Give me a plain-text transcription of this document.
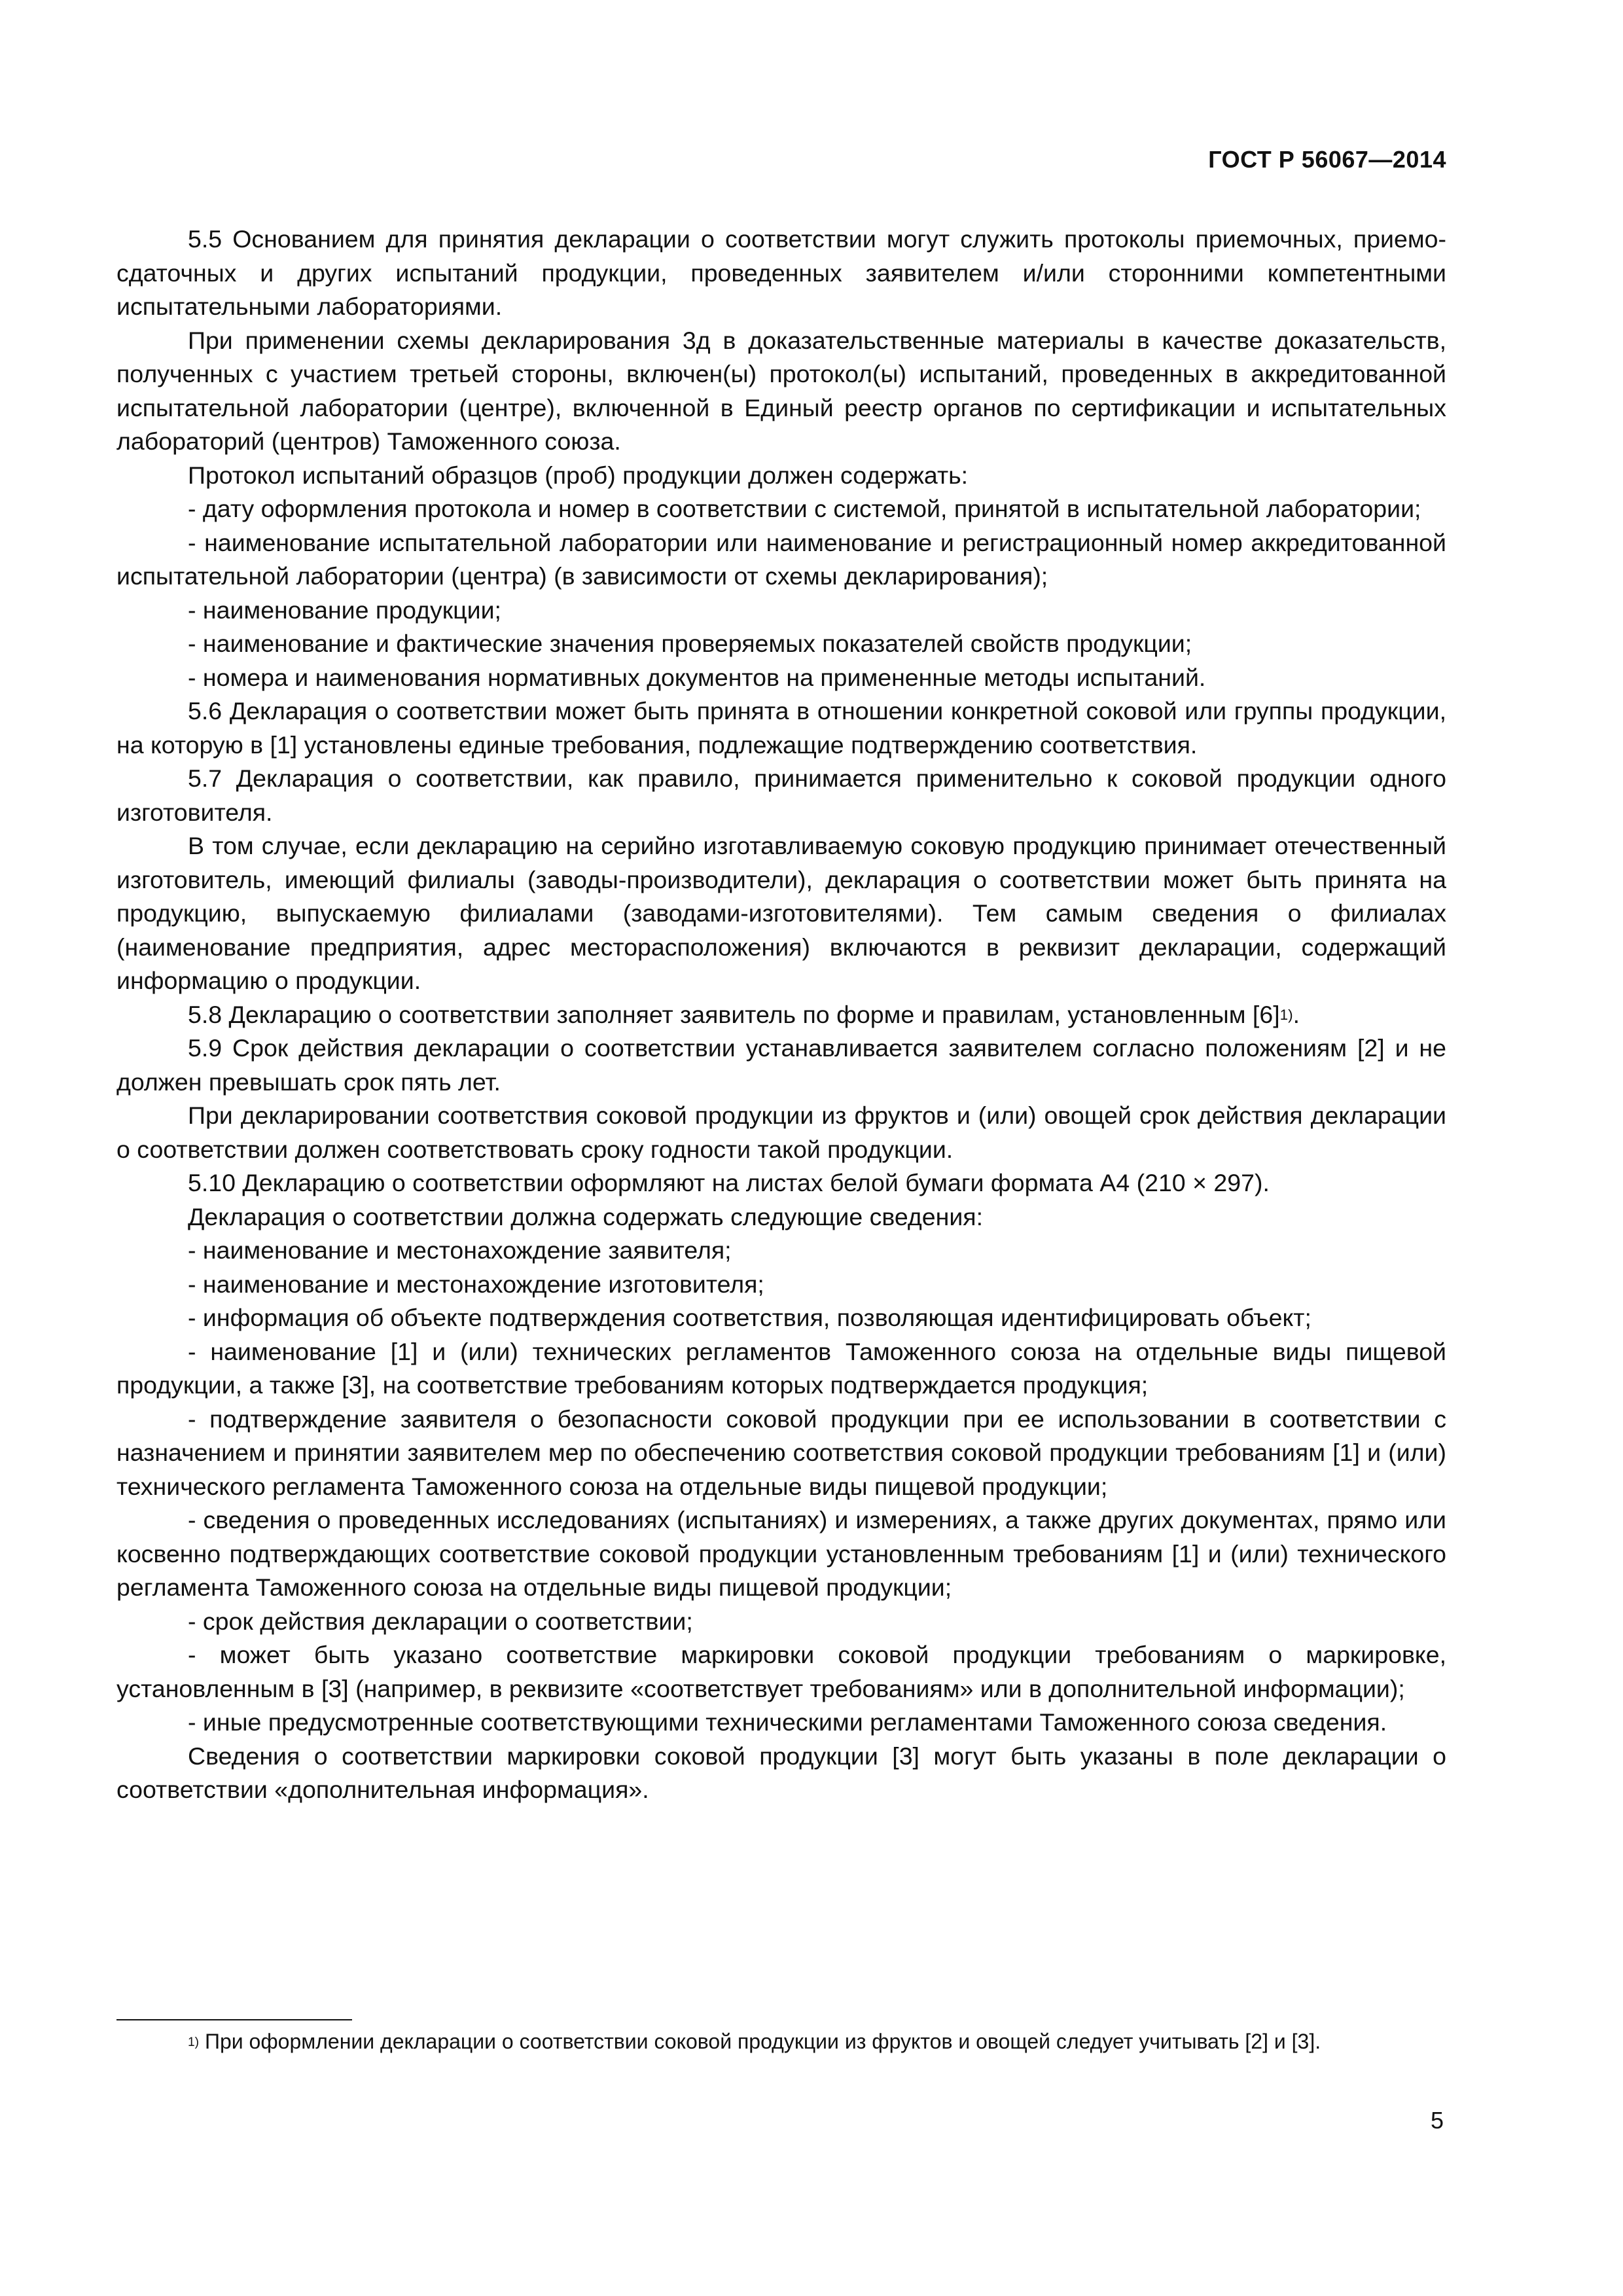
ГОСТ Р 56067—2014

5.5 Основанием для принятия декларации о соответствии могут служить протоколы приемочных, приемо-сдаточных и других испытаний продукции, проведенных заявителем и/или сторонними компетентными испытательными лабораториями.

При применении схемы декларирования 3д в доказательственные материалы в качестве доказательств, полученных с участием третьей стороны, включен(ы) протокол(ы) испытаний, проведенных в аккредитованной испытательной лаборатории (центре), включенной в Единый реестр органов по сертификации и испытательных лабораторий (центров) Таможенного союза.

Протокол испытаний образцов (проб) продукции должен содержать:

- дату оформления протокола и номер в соответствии с системой, принятой в испытательной лаборатории;

- наименование испытательной лаборатории или наименование и регистрационный номер аккредитованной испытательной лаборатории (центра) (в зависимости от схемы декларирования);

- наименование продукции;

- наименование и фактические значения проверяемых показателей свойств продукции;

- номера и наименования нормативных документов на примененные методы испытаний.

5.6 Декларация о соответствии может быть принята в отношении конкретной соковой или группы продукции, на которую в [1] установлены единые требования, подлежащие подтверждению соответствия.

5.7 Декларация о соответствии, как правило, принимается применительно к соковой продукции одного изготовителя.

В том случае, если декларацию на серийно изготавливаемую соковую продукцию принимает отечественный изготовитель, имеющий филиалы (заводы-производители), декларация о соответствии может быть принята на продукцию, выпускаемую филиалами (заводами-изготовителями). Тем самым сведения о филиалах (наименование предприятия, адрес месторасположения) включаются в реквизит декларации, содержащий информацию о продукции.

5.8 Декларацию о соответствии заполняет заявитель по форме и правилам, установленным $[6]^{1)}$.

5.9 Срок действия декларации о соответствии устанавливается заявителем согласно положениям [2] и не должен превышать срок пять лет.

При декларировании соответствия соковой продукции из фруктов и (или) овощей срок действия декларации о соответствии должен соответствовать сроку годности такой продукции.

5.10 Декларацию о соответствии оформляют на листах белой бумаги формата А4 (210 × 297).

Декларация о соответствии должна содержать следующие сведения:

- наименование и местонахождение заявителя;

- наименование и местонахождение изготовителя;

- информация об объекте подтверждения соответствия, позволяющая идентифицировать объект;

- наименование [1] и (или) технических регламентов Таможенного союза на отдельные виды пищевой продукции, а также [3], на соответствие требованиям которых подтверждается продукция;

- подтверждение заявителя о безопасности соковой продукции при ее использовании в соответствии с назначением и принятии заявителем мер по обеспечению соответствия соковой продукции требованиям [1] и (или) технического регламента Таможенного союза на отдельные виды пищевой продукции;

- сведения о проведенных исследованиях (испытаниях) и измерениях, а также других документах, прямо или косвенно подтверждающих соответствие соковой продукции установленным требованиям [1] и (или) технического регламента Таможенного союза на отдельные виды пищевой продукции;

- срок действия декларации о соответствии;

- может быть указано соответствие маркировки соковой продукции требованиям о маркировке, установленным в [3] (например, в реквизите «соответствует требованиям» или в дополнительной информации);

- иные предусмотренные соответствующими техническими регламентами Таможенного союза сведения.

Сведения о соответствии маркировки соковой продукции [3] могут быть указаны в поле декларации о соответствии «дополнительная информация».

$^{1)}$ При оформлении декларации о соответствии соковой продукции из фруктов и овощей следует учитывать [2] и [3].

5
